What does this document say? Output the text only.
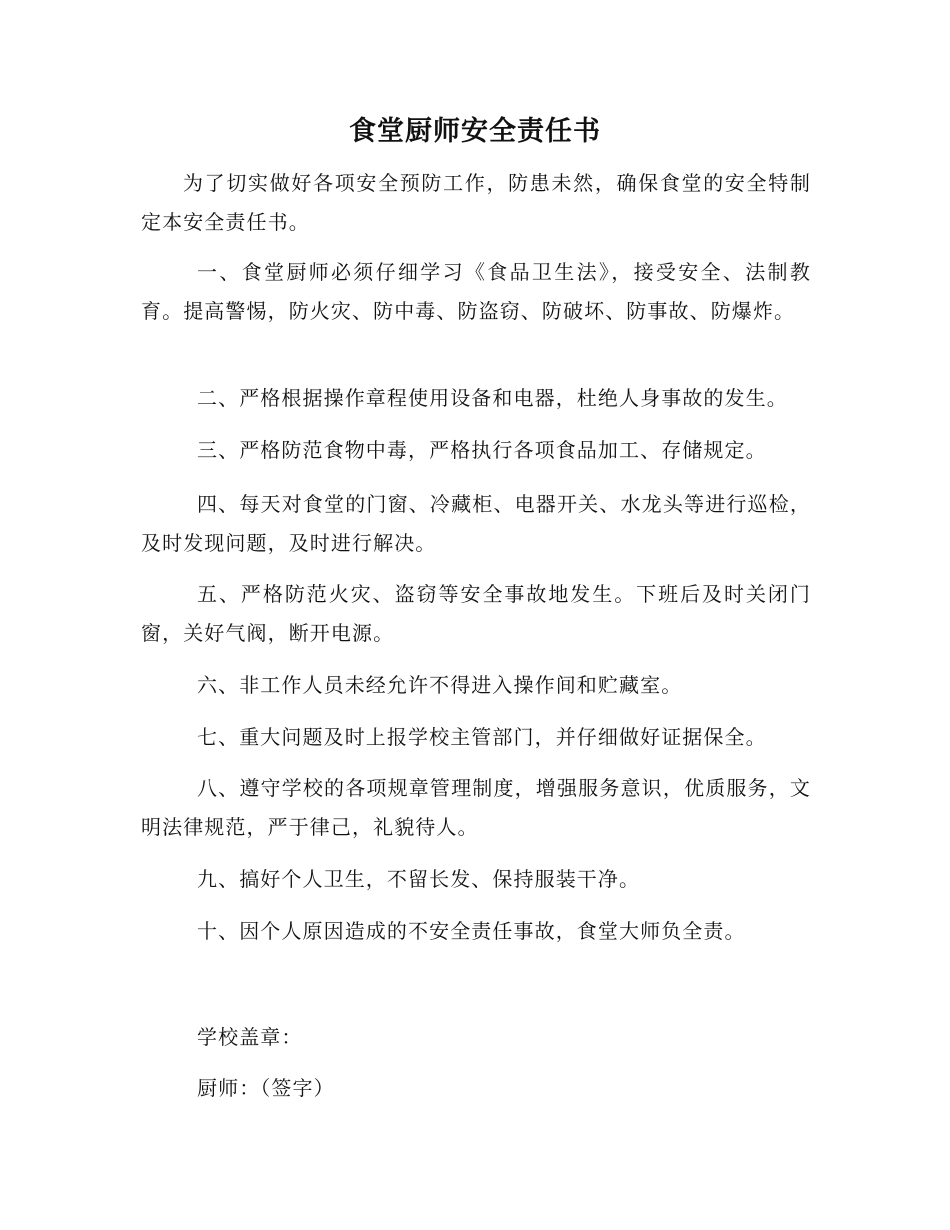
食堂厨师安全责任书

为了切实做好各项安全预防工作，防患未然，确保食堂的安全特制定本安全责任书。

一、食堂厨师必须仔细学习《食品卫生法》，接受安全、法制教育。提高警惕，防火灾、防中毒、防盗窃、防破坏、防事故、防爆炸。

二、严格根据操作章程使用设备和电器，杜绝人身事故的发生。

三、严格防范食物中毒，严格执行各项食品加工、存储规定。

四、每天对食堂的门窗、冷藏柜、电器开关、水龙头等进行巡检，及时发现问题，及时进行解决。

五、严格防范火灾、盗窃等安全事故地发生。下班后及时关闭门窗，关好气阀，断开电源。

六、非工作人员未经允许不得进入操作间和贮藏室。

七、重大问题及时上报学校主管部门，并仔细做好证据保全。

八、遵守学校的各项规章管理制度，增强服务意识，优质服务，文明法律规范，严于律己，礼貌待人。

九、搞好个人卫生，不留长发、保持服装干净。

十、因个人原因造成的不安全责任事故，食堂大师负全责。

学校盖章：
厨师：（签字）
